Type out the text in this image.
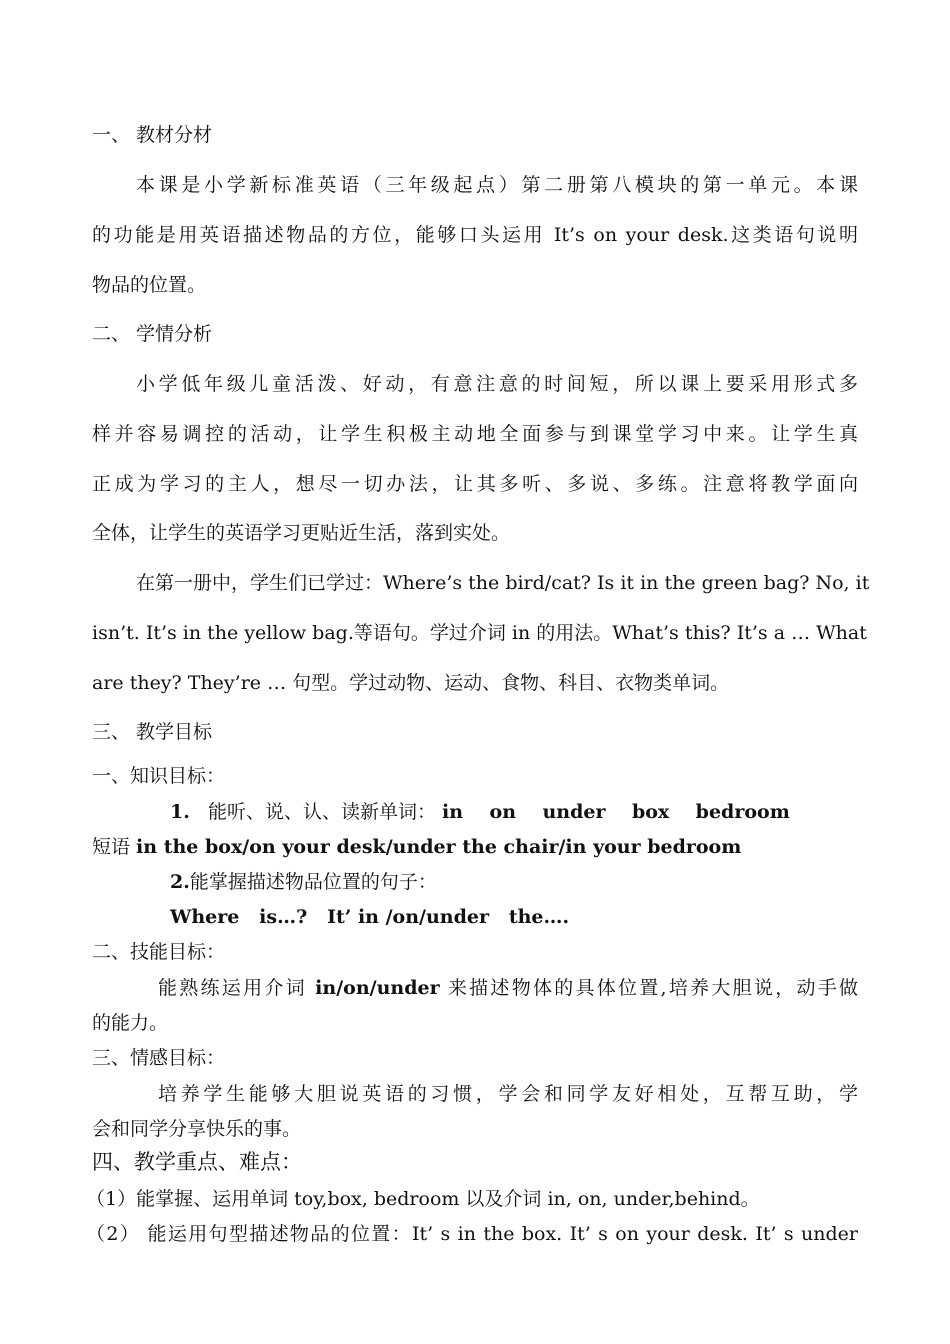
一、 教材分材

本课是小学新标准英语（三年级起点）第二册第八模块的第一单元。本课

的功能是用英语描述物品的方位，能够口头运用 It’s on your desk.这类语句说明

物品的位置。

二、 学情分析

小学低年级儿童活泼、好动，有意注意的时间短，所以课上要采用形式多

样并容易调控的活动，让学生积极主动地全面参与到课堂学习中来。让学生真

正成为学习的主人，想尽一切办法，让其多听、多说、多练。注意将教学面向

全体，让学生的英语学习更贴近生活，落到实处。

在第一册中，学生们已学过：Where’s the bird/cat? Is it in the green bag? No, it

isn’t. It’s in the yellow bag.等语句。学过介词 in 的用法。What’s this? It’s a … What

are they? They’re … 句型。学过动物、运动、食物、科目、衣物类单词。

三、 教学目标

一、知识目标：

1. 能听、说、认、读新单词： in    on    under    box    bedroom

短语 in the box/on your desk/under the chair/in your bedroom

2.能掌握描述物品位置的句子：

Where   is…?   It’ in /on/under   the….

二、技能目标：

能熟练运用介词 in/on/under 来描述物体的具体位置,培养大胆说，动手做

的能力。

三、情感目标：

培养学生能够大胆说英语的习惯，学会和同学友好相处，互帮互助，学

会和同学分享快乐的事。

四、教学重点、难点：

（1）能掌握、运用单词 toy,box, bedroom 以及介词 in, on, under,behind。

（2） 能运用句型描述物品的位置：It’ s in the box. It’ s on your desk. It’ s under
